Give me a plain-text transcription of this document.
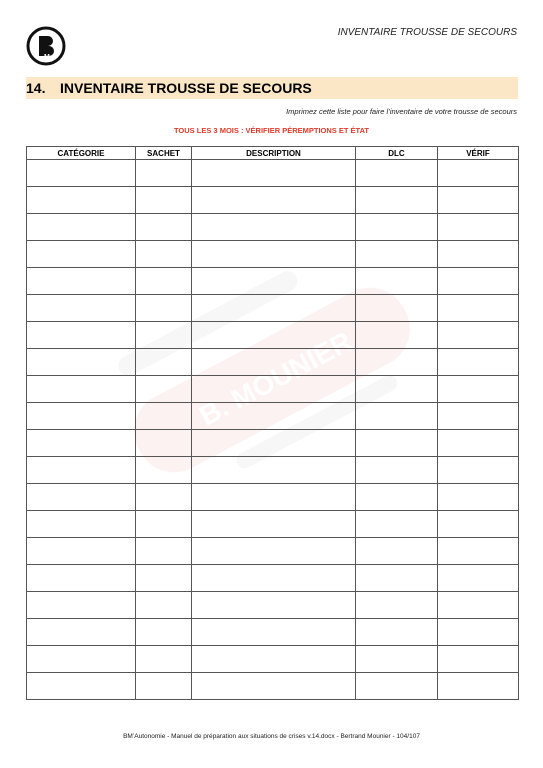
M
INVENTAIRE TROUSSE DE SECOURS
14. INVENTAIRE TROUSSE DE SECOURS
Imprimez cette liste pour faire l’inventaire de votre trousse de secours
TOUS LES 3 MOIS : VÉRIFIER PÉREMPTIONS ET ÉTAT
B. MOUNIER
CATÉGORIE	SACHET	DESCRIPTION	DLC	VÉRIF

BM’Autonomie - Manuel de préparation aux situations de crises v.14.docx - Bertrand Mounier - 104/107
